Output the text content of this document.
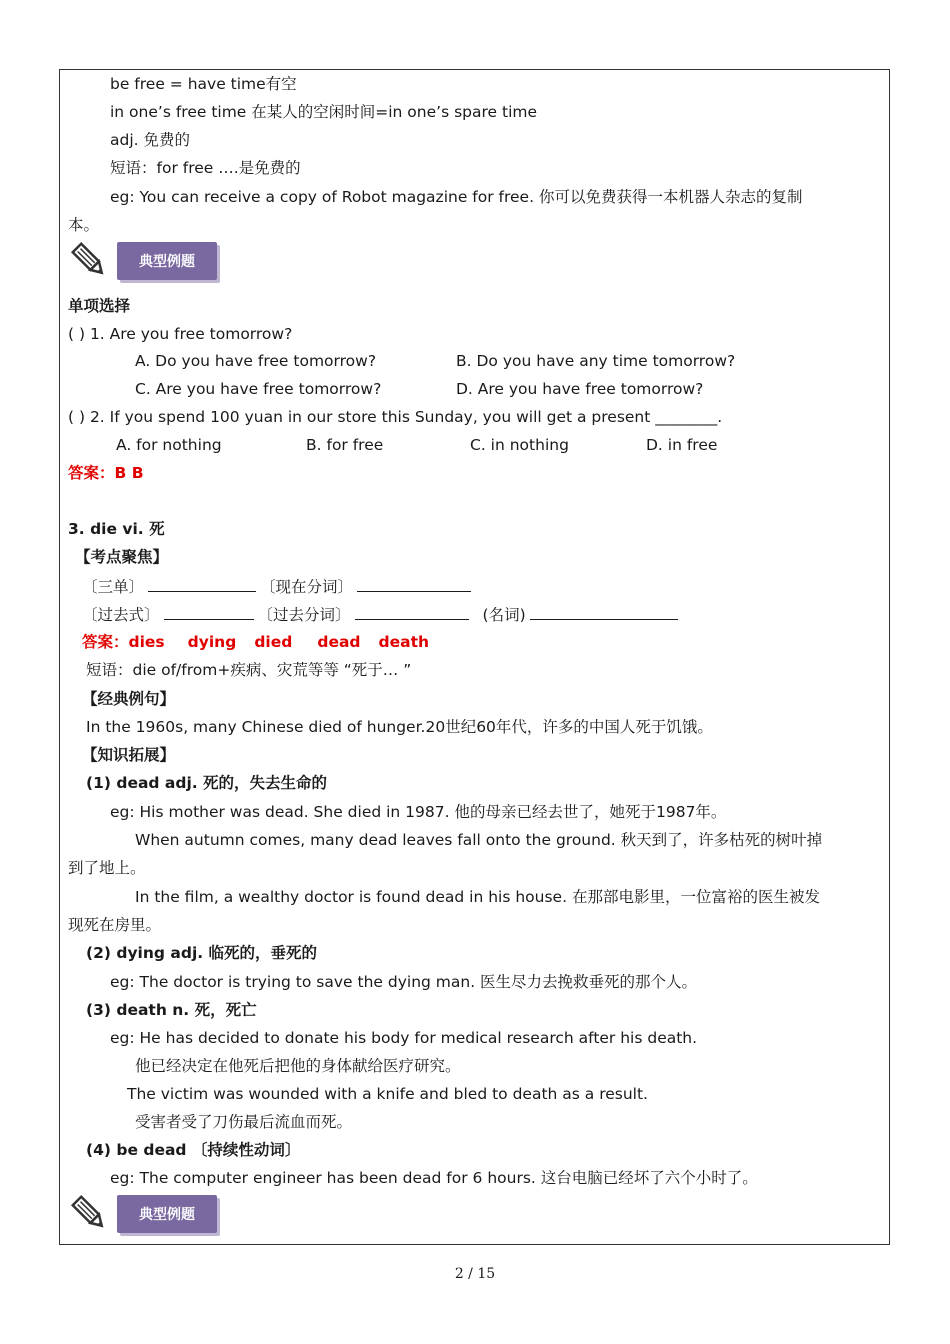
be free = have time有空
in one’s free time 在某人的空闲时间=in one’s spare time
adj. 免费的
短语：for free ….是免费的
eg: You can receive a copy of Robot magazine for free. 你可以免费获得一本机器人杂志的复制
本。
典型例题
单项选择
( ) 1. Are you free tomorrow?
A. Do you have free tomorrow?	B. Do you have any time tomorrow?
C. Are you have free tomorrow?	D. Are you have free tomorrow?
( ) 2. If you spend 100 yuan in our store this Sunday, you will get a present ________.
A. for nothing	B. for free	C. in nothing	D. in free
答案：B B
3. die vi. 死
【考点聚焦】
〔三单〕	〔现在分词〕
〔过去式〕	〔过去分词〕	(名词)
答案：dies dying died dead death
短语：die of/from+疾病、灾荒等等 “死于… ”
【经典例句】
In the 1960s, many Chinese died of hunger.20世纪60年代，许多的中国人死于饥饿。
【知识拓展】
(1) dead adj. 死的，失去生命的
eg: His mother was dead. She died in 1987. 他的母亲已经去世了，她死于1987年。
When autumn comes, many dead leaves fall onto the ground. 秋天到了，许多枯死的树叶掉
到了地上。
In the film, a wealthy doctor is found dead in his house. 在那部电影里，一位富裕的医生被发
现死在房里。
(2) dying adj. 临死的，垂死的
eg: The doctor is trying to save the dying man. 医生尽力去挽救垂死的那个人。
(3) death n. 死，死亡
eg: He has decided to donate his body for medical research after his death.
他已经决定在他死后把他的身体献给医疗研究。
The victim was wounded with a knife and bled to death as a result.
受害者受了刀伤最后流血而死。
(4) be dead 〔持续性动词〕
eg: The computer engineer has been dead for 6 hours. 这台电脑已经坏了六个小时了。
典型例题
2 / 15
